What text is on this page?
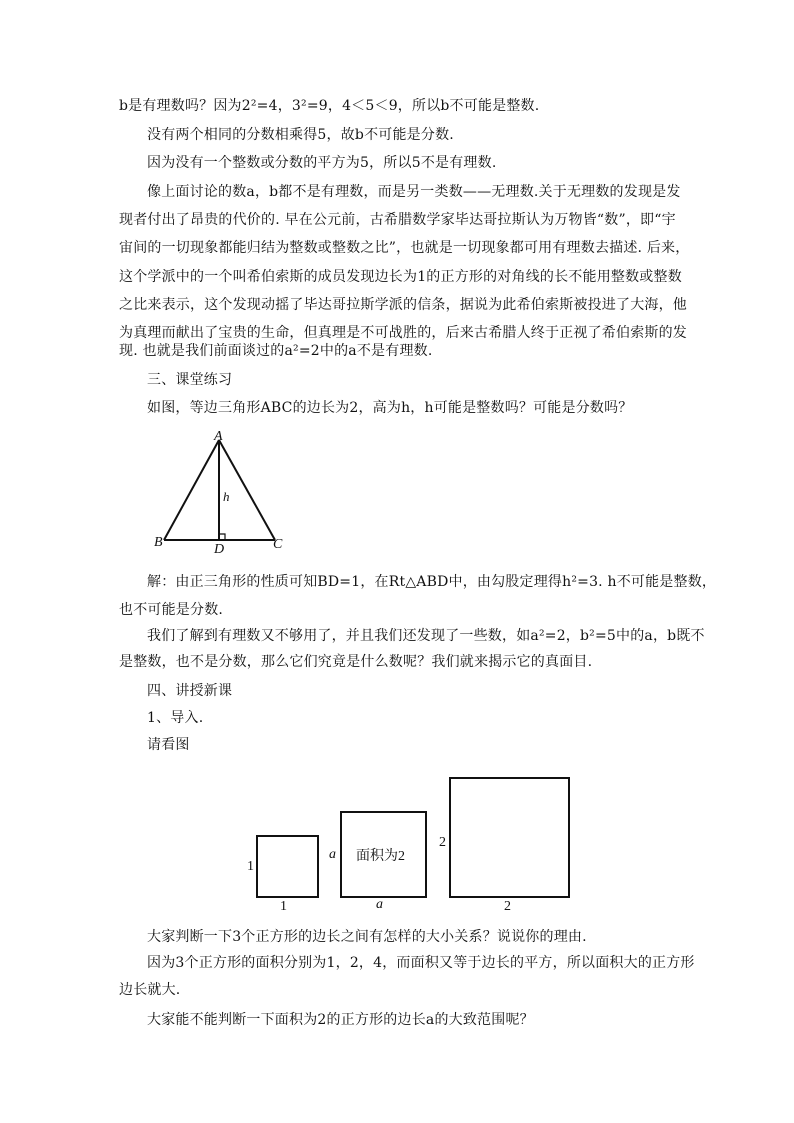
b是有理数吗？因为2²=4，3²=9，4＜5＜9，所以b不可能是整数.
没有两个相同的分数相乘得5，故b不可能是分数.
因为没有一个整数或分数的平方为5，所以5不是有理数.
像上面讨论的数a，b都不是有理数，而是另一类数——无理数.关于无理数的发现是发
现者付出了昂贵的代价的. 早在公元前，古希腊数学家毕达哥拉斯认为万物皆“数”，即“宇
宙间的一切现象都能归结为整数或整数之比”，也就是一切现象都可用有理数去描述. 后来，
这个学派中的一个叫希伯索斯的成员发现边长为1的正方形的对角线的长不能用整数或整数
之比来表示，这个发现动摇了毕达哥拉斯学派的信条，据说为此希伯索斯被投进了大海，他
为真理而献出了宝贵的生命，但真理是不可战胜的，后来古希腊人终于正视了希伯索斯的发
现. 也就是我们前面谈过的a²=2中的a不是有理数.
三、课堂练习
如图，等边三角形ABC的边长为2，高为h，h可能是整数吗？可能是分数吗？
A
B	C
D
h
解：由正三角形的性质可知BD=1，在Rt△ABD中，由勾股定理得h²=3. h不可能是整数，
也不可能是分数.
我们了解到有理数又不够用了，并且我们还发现了一些数，如a²=2，b²=5中的a，b既不
是整数，也不是分数，那么它们究竟是什么数呢？我们就来揭示它的真面目.
四、讲授新课
1、导入.
请看图
1
1
a
a
面积为2
2
2
大家判断一下3个正方形的边长之间有怎样的大小关系？说说你的理由.
因为3个正方形的面积分别为1，2，4，而面积又等于边长的平方，所以面积大的正方形
边长就大.
大家能不能判断一下面积为2的正方形的边长a的大致范围呢？
